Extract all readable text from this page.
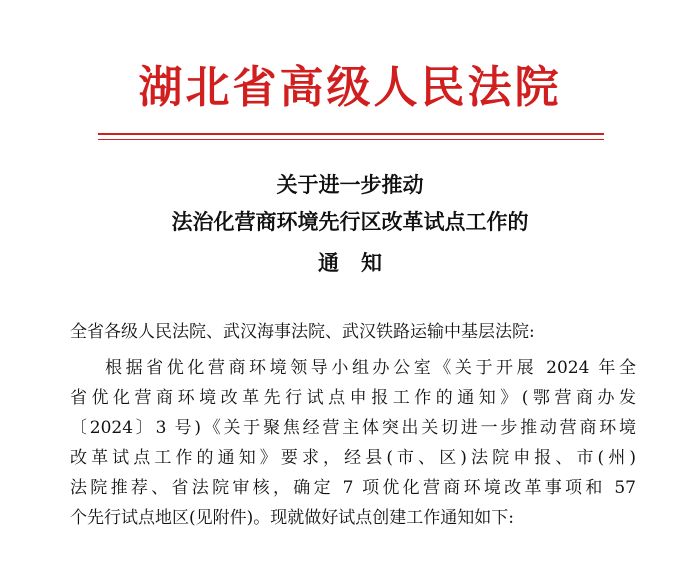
湖北省高级人民法院
关于进一步推动
法治化营商环境先行区改革试点工作的
通知
全省各级人民法院、武汉海事法院、武汉铁路运输中基层法院:
根据省优化营商环境领导小组办公室《关于开展 2024 年全
省优化营商环境改革先行试点申报工作的通知》(鄂营商办发
〔2024〕3 号)《关于聚焦经营主体突出关切进一步推动营商环境
改革试点工作的通知》要求，经县(市、区)法院申报、市(州)
法院推荐、省法院审核，确定 7 项优化营商环境改革事项和 57
个先行试点地区(见附件)。现就做好试点创建工作通知如下:
